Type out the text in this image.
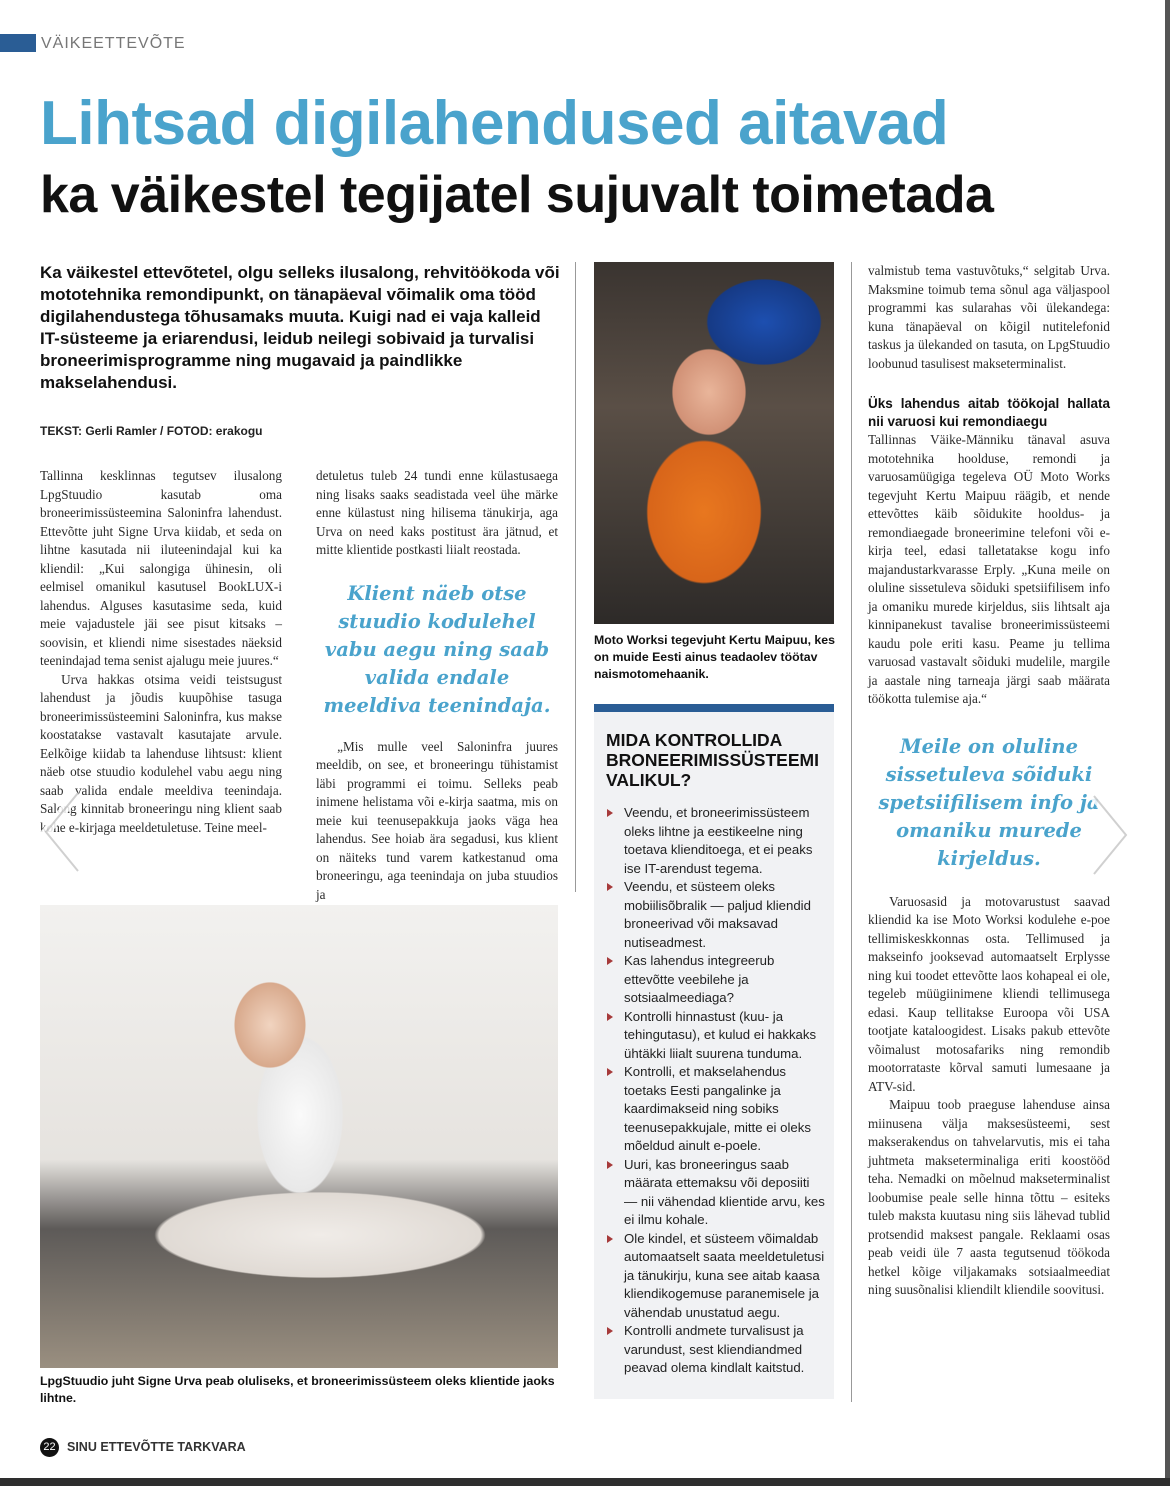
VÄIKEETTEVÕTE
Lihtsad digilahendused aitavad
ka väikestel tegijatel sujuvalt toimetada
Ka väikestel ettevõtetel, olgu selleks ilusalong, rehvitöökoda või mototehnika remondipunkt, on tänapäeval võimalik oma tööd digilahendustega tõhusamaks muuta. Kuigi nad ei vaja kalleid IT-süsteeme ja eriarendusi, leidub neilegi sobivaid ja turvalisi broneerimisprogramme ning mugavaid ja paindlikke makselahendusi.
TEKST: Gerli Ramler / FOTOD: erakogu

Tallinna kesklinnas tegutsev ilusalong LpgStuudio kasutab oma broneerimissüsteemina Saloninfra lahendust. Ettevõtte juht Signe Urva kiidab, et seda on lihtne kasutada nii iluteenindajal kui ka kliendil: „Kui salongiga ühinesin, oli eelmisel omanikul kasutusel BookLUX-i lahendus. Alguses kasutasime seda, kuid meie vajadustele jäi see pisut kitsaks – soovisin, et kliendi nime sisestades näeksid teenindajad tema senist ajalugu meie juures.“

Urva hakkas otsima veidi teistsugust lahendust ja jõudis kuupõhise tasuga broneerimissüsteemini Saloninfra, kus makse koostatakse vastavalt kasutajate arvule. Eelkõige kiidab ta lahenduse lihtsust: klient näeb otse stuudio kodulehel vabu aegu ning saab valida endale meeldiva teenindaja. Salong kinnitab broneeringu ning klient saab kohe e-kirjaga meeldetuletuse. Teine meel-

detuletus tuleb 24 tundi enne külastusaega ning lisaks saaks seadistada veel ühe märke enne külastust ning hilisema tänukirja, aga Urva on need kaks postitust ära jätnud, et mitte klientide postkasti liialt reostada.

Klient näeb otse stuudio kodulehel vabu aegu ning saab valida endale meeldiva teenindaja.

„Mis mulle veel Saloninfra juures meeldib, on see, et broneeringu tühistamist läbi programmi ei toimu. Selleks peab inimene helistama või e-kirja saatma, mis on meie kui teenusepakkuja jaoks väga hea lahendus. See hoiab ära segadusi, kus klient on näiteks tund varem katkestanud oma broneeringu, aga teenindaja on juba stuudios ja

Moto Worksi tegevjuht Kertu Maipuu, kes on muide Eesti ainus teadaolev töötav naismotomehaanik.
MIDA KONTROLLIDA BRONEERIMISSÜSTEEMI VALIKUL?
Veendu, et broneerimissüsteem oleks lihtne ja eestikeelne ning toetava klienditoega, et ei peaks ise IT-arendust tegema.
Veendu, et süsteem oleks mobiilisõbralik — paljud kliendid broneerivad või maksavad nutiseadmest.
Kas lahendus integreerub ettevõtte veebilehe ja sotsiaalmeediaga?
Kontrolli hinnastust (kuu- ja tehingutasu), et kulud ei hakkaks ühtäkki liialt suurena tunduma.
Kontrolli, et makselahendus toetaks Eesti pangalinke ja kaardimakseid ning sobiks teenusepakkujale, mitte ei oleks mõeldud ainult e-poele.
Uuri, kas broneeringus saab määrata ettemaksu või deposiiti — nii vähendad klientide arvu, kes ei ilmu kohale.
Ole kindel, et süsteem võimaldab automaatselt saata meeldetuletusi ja tänukirju, kuna see aitab kaasa kliendikogemuse paranemisele ja vähendab unustatud aegu.
Kontrolli andmete turvalisust ja varundust, sest kliendiandmed peavad olema kindlalt kaitstud.

valmistub tema vastuvõtuks,“ selgitab Urva. Maksmine toimub tema sõnul aga väljaspool programmi kas sularahas või ülekandega: kuna tänapäeval on kõigil nutitelefonid taskus ja ülekanded on tasuta, on LpgStuudio loobunud tasulisest makseterminalist.

Üks lahendus aitab töökojal hallata nii varuosi kui remondiaegu

Tallinnas Väike-Männiku tänaval asuva mototehnika hoolduse, remondi ja varuosamüügiga tegeleva OÜ Moto Works tegevjuht Kertu Maipuu räägib, et nende ettevõttes käib sõidukite hooldus- ja remondiaegade broneerimine telefoni või e-kirja teel, edasi talletatakse kogu info majandustarkvarasse Erply. „Kuna meile on oluline sissetuleva sõiduki spetsiifilisem info ja omaniku murede kirjeldus, siis lihtsalt aja kinnipanekust tavalise broneerimissüsteemi kaudu pole eriti kasu. Peame ju tellima varuosad vastavalt sõiduki mudelile, margile ja aastale ning tarneaja järgi saab määrata töökotta tulemise aja.“

Meile on oluline sissetuleva sõiduki spetsiifilisem info ja omaniku murede kirjeldus.

Varuosasid ja motovarustust saavad kliendid ka ise Moto Worksi kodulehe e-poe tellimiskeskkonnas osta. Tellimused ja makseinfo jooksevad automaatselt Erplysse ning kui toodet ettevõtte laos kohapeal ei ole, tegeleb müügiinimene kliendi tellimusega edasi. Kaup tellitakse Euroopa või USA tootjate kataloogidest. Lisaks pakub ettevõte võimalust motosafariks ning remondib mootorrataste kõrval samuti lumesaane ja ATV-sid.

Maipuu toob praeguse lahenduse ainsa miinusena välja maksesüsteemi, sest makserakendus on tahvelarvutis, mis ei taha juhtmeta makseterminaliga eriti koostööd teha. Nemadki on mõelnud makseterminalist loobumise peale selle hinna tõttu – esiteks tuleb maksta kuutasu ning siis lähevad tublid protsendid maksest pangale. Reklaami osas peab veidi üle 7 aasta tegutsenud töökoda hetkel kõige viljakamaks sotsiaalmeediat ning suusõnalisi kliendilt kliendile soovitusi.

LpgStuudio juht Signe Urva peab oluliseks, et broneerimissüsteem oleks klientide jaoks lihtne.
22 SINU ETTEVÕTTE TARKVARA
